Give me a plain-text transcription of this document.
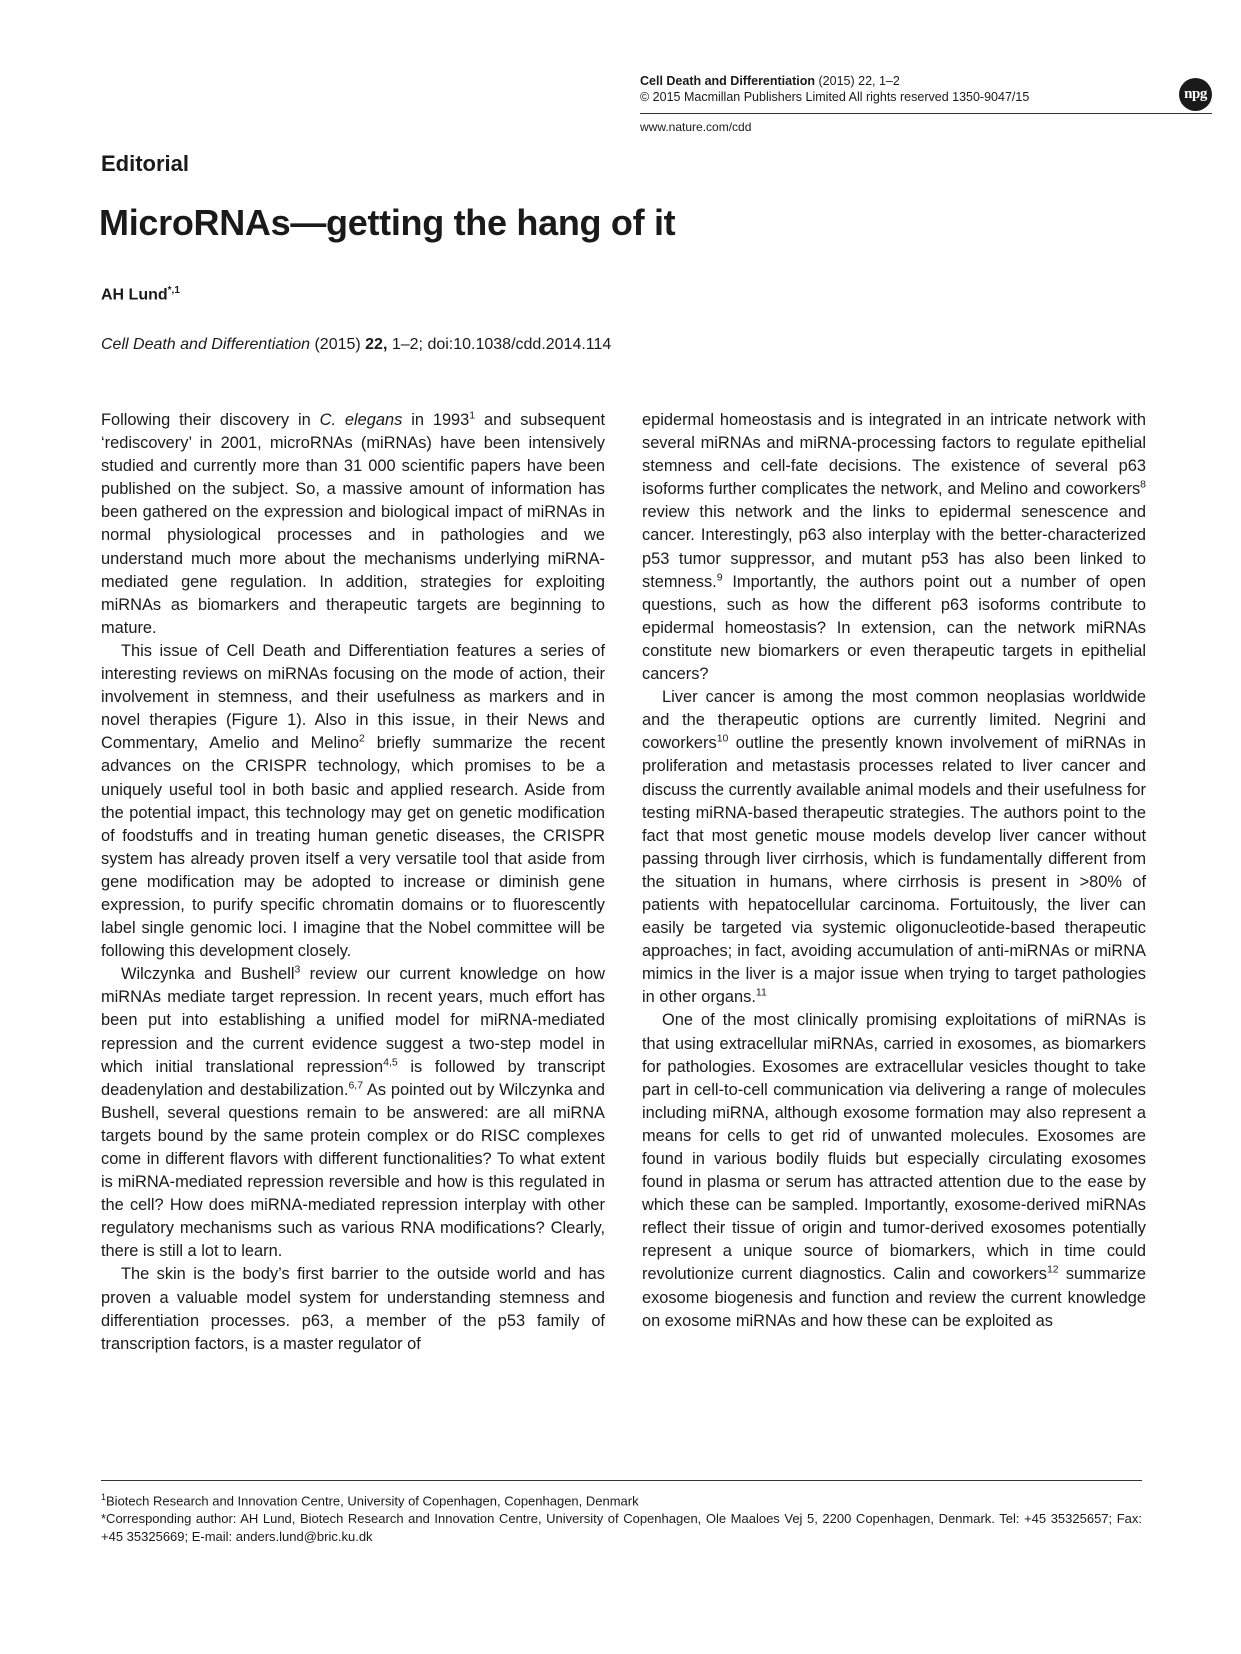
Cell Death and Differentiation (2015) 22, 1–2
© 2015 Macmillan Publishers Limited All rights reserved 1350-9047/15	npg
www.nature.com/cdd
Editorial
MicroRNAs—getting the hang of it
AH Lund$^{*,1}$
Cell Death and Differentiation (2015) 22, 1–2; doi:10.1038/cdd.2014.114

Following their discovery in C. elegans in 1993$^1$ and subsequent ‘rediscovery’ in 2001, microRNAs (miRNAs) have been intensively studied and currently more than 31 000 scientific papers have been published on the subject. So, a massive amount of information has been gathered on the expression and biological impact of miRNAs in normal physiological processes and in pathologies and we understand much more about the mechanisms underlying miRNA-mediated gene regulation. In addition, strategies for exploiting miRNAs as biomarkers and therapeutic targets are beginning to mature.

This issue of Cell Death and Differentiation features a series of interesting reviews on miRNAs focusing on the mode of action, their involvement in stemness, and their usefulness as markers and in novel therapies (Figure 1). Also in this issue, in their News and Commentary, Amelio and Melino$^2$ briefly summarize the recent advances on the CRISPR technology, which promises to be a uniquely useful tool in both basic and applied research. Aside from the potential impact, this technology may get on genetic modification of foodstuffs and in treating human genetic diseases, the CRISPR system has already proven itself a very versatile tool that aside from gene modification may be adopted to increase or diminish gene expression, to purify specific chromatin domains or to fluorescently label single genomic loci. I imagine that the Nobel committee will be following this development closely.

Wilczynka and Bushell$^3$ review our current knowledge on how miRNAs mediate target repression. In recent years, much effort has been put into establishing a unified model for miRNA-mediated repression and the current evidence suggest a two-step model in which initial translational repression$^{4,5}$ is followed by transcript deadenylation and destabilization.$^{6,7}$ As pointed out by Wilczynka and Bushell, several questions remain to be answered: are all miRNA targets bound by the same protein complex or do RISC complexes come in different flavors with different functionalities? To what extent is miRNA-mediated repression reversible and how is this regulated in the cell? How does miRNA-mediated repression interplay with other regulatory mechanisms such as various RNA modifications? Clearly, there is still a lot to learn.

The skin is the body’s first barrier to the outside world and has proven a valuable model system for understanding stemness and differentiation processes. p63, a member of the p53 family of transcription factors, is a master regulator of

epidermal homeostasis and is integrated in an intricate network with several miRNAs and miRNA-processing factors to regulate epithelial stemness and cell-fate decisions. The existence of several p63 isoforms further complicates the network, and Melino and coworkers$^8$ review this network and the links to epidermal senescence and cancer. Interestingly, p63 also interplay with the better-characterized p53 tumor suppressor, and mutant p53 has also been linked to stemness.$^9$ Importantly, the authors point out a number of open questions, such as how the different p63 isoforms contribute to epidermal homeostasis? In extension, can the network miRNAs constitute new biomarkers or even therapeutic targets in epithelial cancers?

Liver cancer is among the most common neoplasias worldwide and the therapeutic options are currently limited. Negrini and coworkers$^{10}$ outline the presently known involvement of miRNAs in proliferation and metastasis processes related to liver cancer and discuss the currently available animal models and their usefulness for testing miRNA-based therapeutic strategies. The authors point to the fact that most genetic mouse models develop liver cancer without passing through liver cirrhosis, which is fundamentally different from the situation in humans, where cirrhosis is present in >80% of patients with hepatocellular carcinoma. Fortuitously, the liver can easily be targeted via systemic oligonucleotide-based therapeutic approaches; in fact, avoiding accumulation of anti-miRNAs or miRNA mimics in the liver is a major issue when trying to target pathologies in other organs.$^{11}$

One of the most clinically promising exploitations of miRNAs is that using extracellular miRNAs, carried in exosomes, as biomarkers for pathologies. Exosomes are extracellular vesicles thought to take part in cell-to-cell communication via delivering a range of molecules including miRNA, although exosome formation may also represent a means for cells to get rid of unwanted molecules. Exosomes are found in various bodily fluids but especially circulating exosomes found in plasma or serum has attracted attention due to the ease by which these can be sampled. Importantly, exosome-derived miRNAs reflect their tissue of origin and tumor-derived exosomes potentially represent a unique source of biomarkers, which in time could revolutionize current diagnostics. Calin and coworkers$^{12}$ summarize exosome biogenesis and function and review the current knowledge on exosome miRNAs and how these can be exploited as

$^1$Biotech Research and Innovation Centre, University of Copenhagen, Copenhagen, Denmark
*Corresponding author: AH Lund, Biotech Research and Innovation Centre, University of Copenhagen, Ole Maaloes Vej 5, 2200 Copenhagen, Denmark. Tel: +45 35325657; Fax: +45 35325669; E-mail: anders.lund@bric.ku.dk
